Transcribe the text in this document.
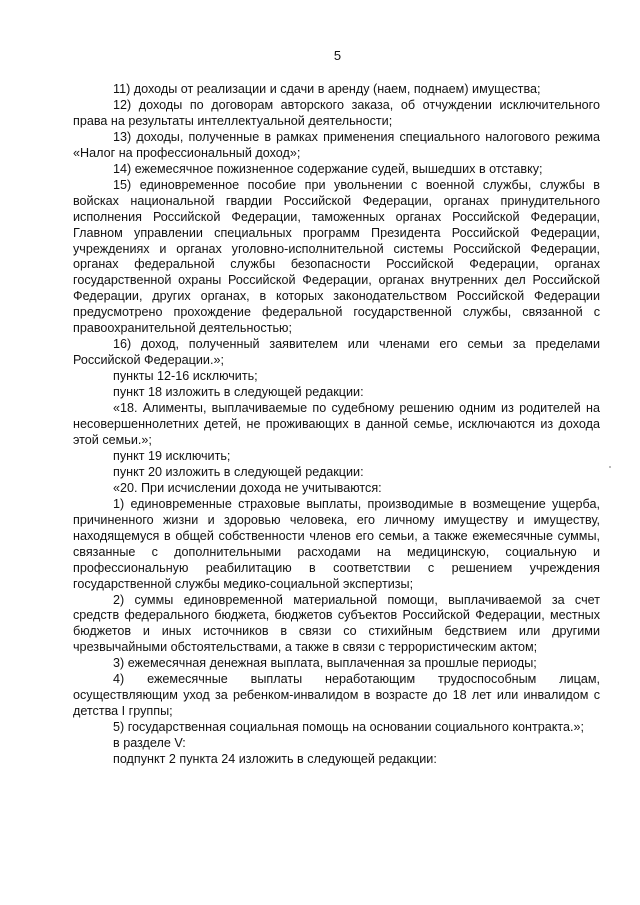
5

11) доходы от реализации и сдачи в аренду (наем, поднаем) имущества;

12) доходы по договорам авторского заказа, об отчуждении исключительного права на результаты интеллектуальной деятельности;

13) доходы, полученные в рамках применения специального налогового режима «Налог на профессиональный доход»;

14) ежемесячное пожизненное содержание судей, вышедших в отставку;

15) единовременное пособие при увольнении с военной службы, службы в войсках национальной гвардии Российской Федерации, органах принудительного исполнения Российской Федерации, таможенных органах Российской Федерации, Главном управлении специальных программ Президента Российской Федерации, учреждениях и органах уголовно-исполнительной системы Российской Федерации, органах федеральной службы безопасности Российской Федерации, органах государственной охраны Российской Федерации, органах внутренних дел Российской Федерации, других органах, в которых законодательством Российской Федерации предусмотрено прохождение федеральной государственной службы, связанной с правоохранительной деятельностью;

16) доход, полученный заявителем или членами его семьи за пределами Российской Федерации.»;

пункты 12-16 исключить;

пункт 18 изложить в следующей редакции:

«18. Алименты, выплачиваемые по судебному решению одним из родителей на несовершеннолетних детей, не проживающих в данной семье, исключаются из дохода этой семьи.»;

пункт 19 исключить;

пункт 20 изложить в следующей редакции:

«20. При исчислении дохода не учитываются:

1) единовременные страховые выплаты, производимые в возмещение ущерба, причиненного жизни и здоровью человека, его личному имуществу и имуществу, находящемуся в общей собственности членов его семьи, а также ежемесячные суммы, связанные с дополнительными расходами на медицинскую, социальную и профессиональную реабилитацию в соответствии с решением учреждения государственной службы медико-социальной экспертизы;

2) суммы единовременной материальной помощи, выплачиваемой за счет средств федерального бюджета, бюджетов субъектов Российской Федерации, местных бюджетов и иных источников в связи со стихийным бедствием или другими чрезвычайными обстоятельствами, а также в связи с террористическим актом;

3) ежемесячная денежная выплата, выплаченная за прошлые периоды;

4) ежемесячные выплаты неработающим трудоспособным лицам, осуществляющим уход за ребенком-инвалидом в возрасте до 18 лет или инвалидом с детства I группы;

5) государственная социальная помощь на основании социального контракта.»;

в разделе V:

подпункт 2 пункта 24 изложить в следующей редакции:
